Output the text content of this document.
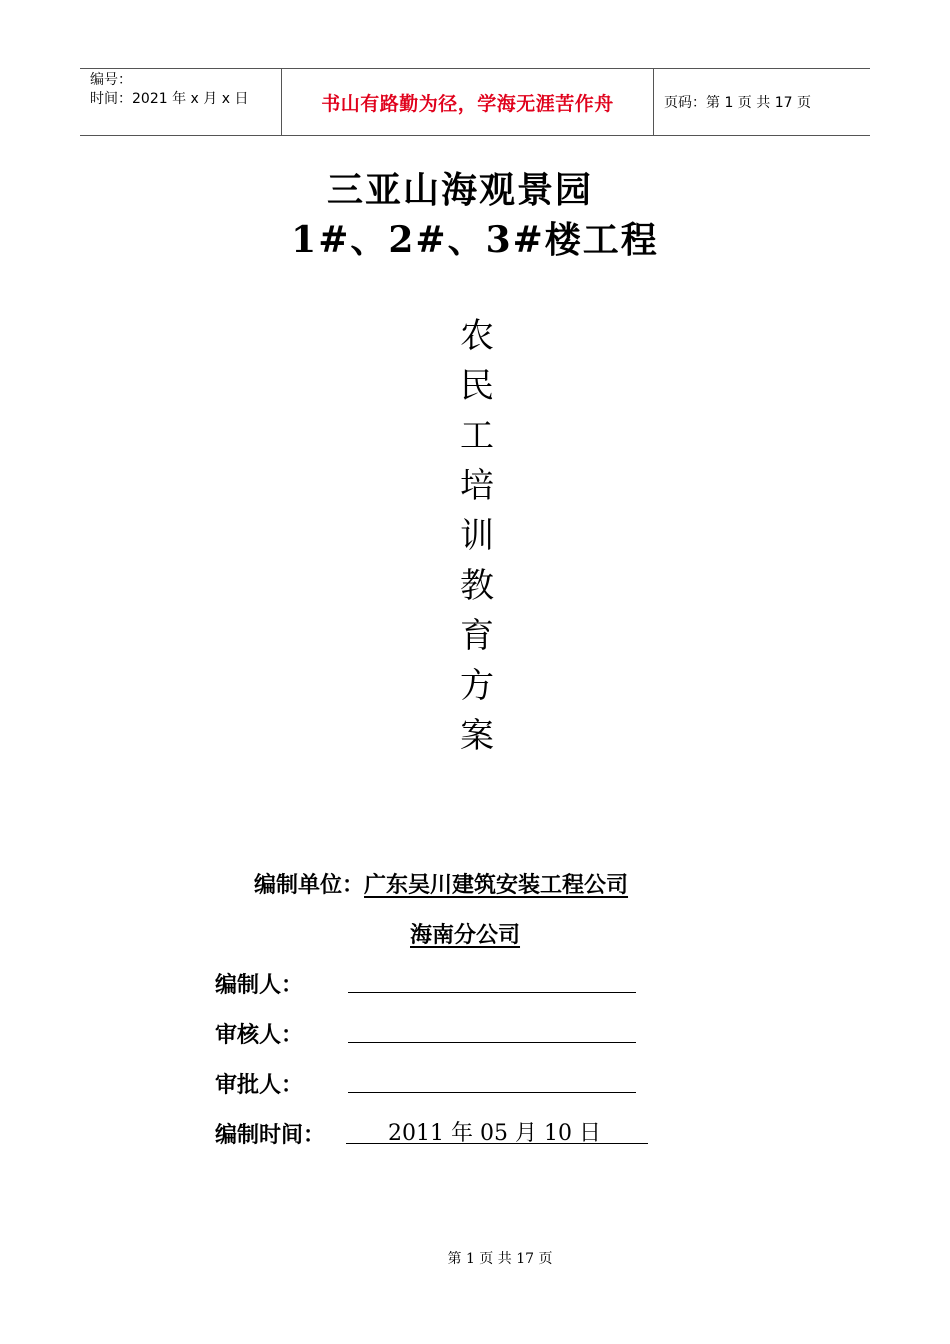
编号：
时间：2021 年 x 月 x 日	书山有路勤为径，学海无涯苦作舟	页码：第 1 页 共 17 页
三亚山海观景园
1#、2#、3#楼工程
农
民
工
培
训
教
育
方
案
编制单位：广东吴川建筑安装工程公司
海南分公司
编制人：
审核人：
审批人：
编制时间：	2011 年 05 月 10 日
第 1 页 共 17 页
